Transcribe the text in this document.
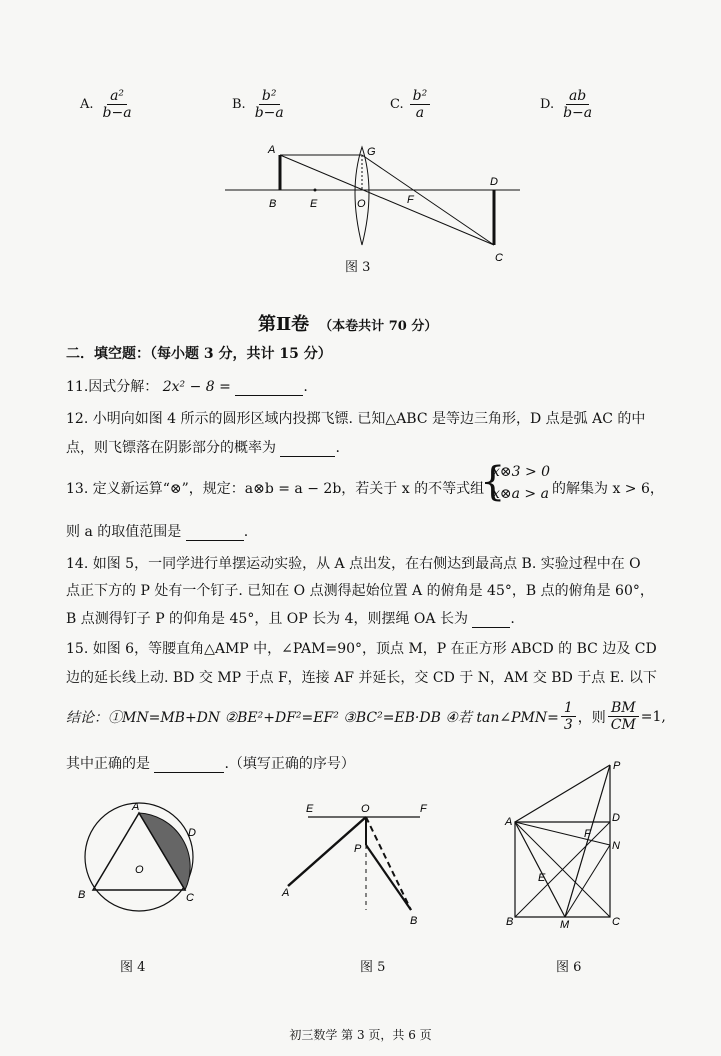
A. $\frac{\text{a²}}{b-a}$	B. $\frac{\text{b²}}{b-a}$	C. $\frac{\text{b²}}{a}$	D. $\frac{ab}{b-a}$
A
B	E	O
G
F
D
C
图 3
第Ⅱ卷 （本卷共计 70 分）
二．填空题：（每小题 3 分，共计 15 分）
11.因式分解： 2x² − 8 =	.
12. 小明向如图 4 所示的圆形区域内投掷飞镖. 已知△ABC 是等边三角形，D 点是弧 AC 的中
点，则飞镖落在阴影部分的概率为	.
13. 定义新运算“⊗”，规定：a⊗b = a − 2b，若关于 x 的不等式组
{
x⊗3 > 0
x⊗a > a 的解集为 x > 6，
则 a 的取值范围是	.
14. 如图 5，一同学进行单摆运动实验，从 A 点出发，在右侧达到最高点 B. 实验过程中在 O
点正下方的 P 处有一个钉子. 已知在 O 点测得起始位置 A 的俯角是 45°，B 点的俯角是 60°，
B 点测得钉子 P 的仰角是 45°，且 OP 长为 4，则摆绳 OA 长为	.
15. 如图 6，等腰直角△AMP 中，∠PAM=90°，顶点 M，P 在正方形 ABCD 的 BC 边及 CD
边的延长线上动. BD 交 MP 于点 F，连接 AF 并延长，交 CD 于 N，AM 交 BD 于点 E. 以下
结论：①MN=MB+DN ②BE²+DF²=EF² ③BC²=EB·DB ④若 tan∠PMN= $\frac{1}{3}$ ，则 $\frac{BM}{CM} =1$,
其中正确的是	.（填写正确的序号）
A
B	C
D
O
图 4
E	O	F
P
A
B
图 5
P
A	D
F
N
E
B	M	C
图 6
初三数学 第 3 页，共 6 页
